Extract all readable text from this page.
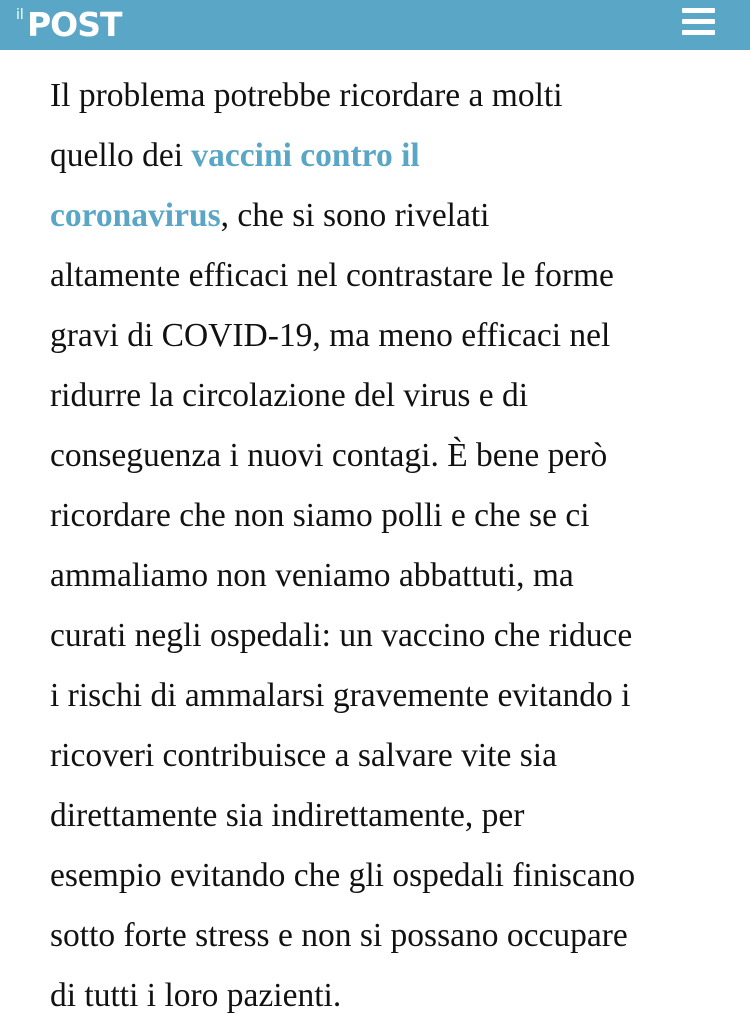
il POST

Il problema potrebbe ricordare a molti
quello dei vaccini contro il
coronavirus, che si sono rivelati
altamente efficaci nel contrastare le forme
gravi di COVID-19, ma meno efficaci nel
ridurre la circolazione del virus e di
conseguenza i nuovi contagi. È bene però
ricordare che non siamo polli e che se ci
ammaliamo non veniamo abbattuti, ma
curati negli ospedali: un vaccino che riduce
i rischi di ammalarsi gravemente evitando i
ricoveri contribuisce a salvare vite sia
direttamente sia indirettamente, per
esempio evitando che gli ospedali finiscano
sotto forte stress e non si possano occupare
di tutti i loro pazienti.
